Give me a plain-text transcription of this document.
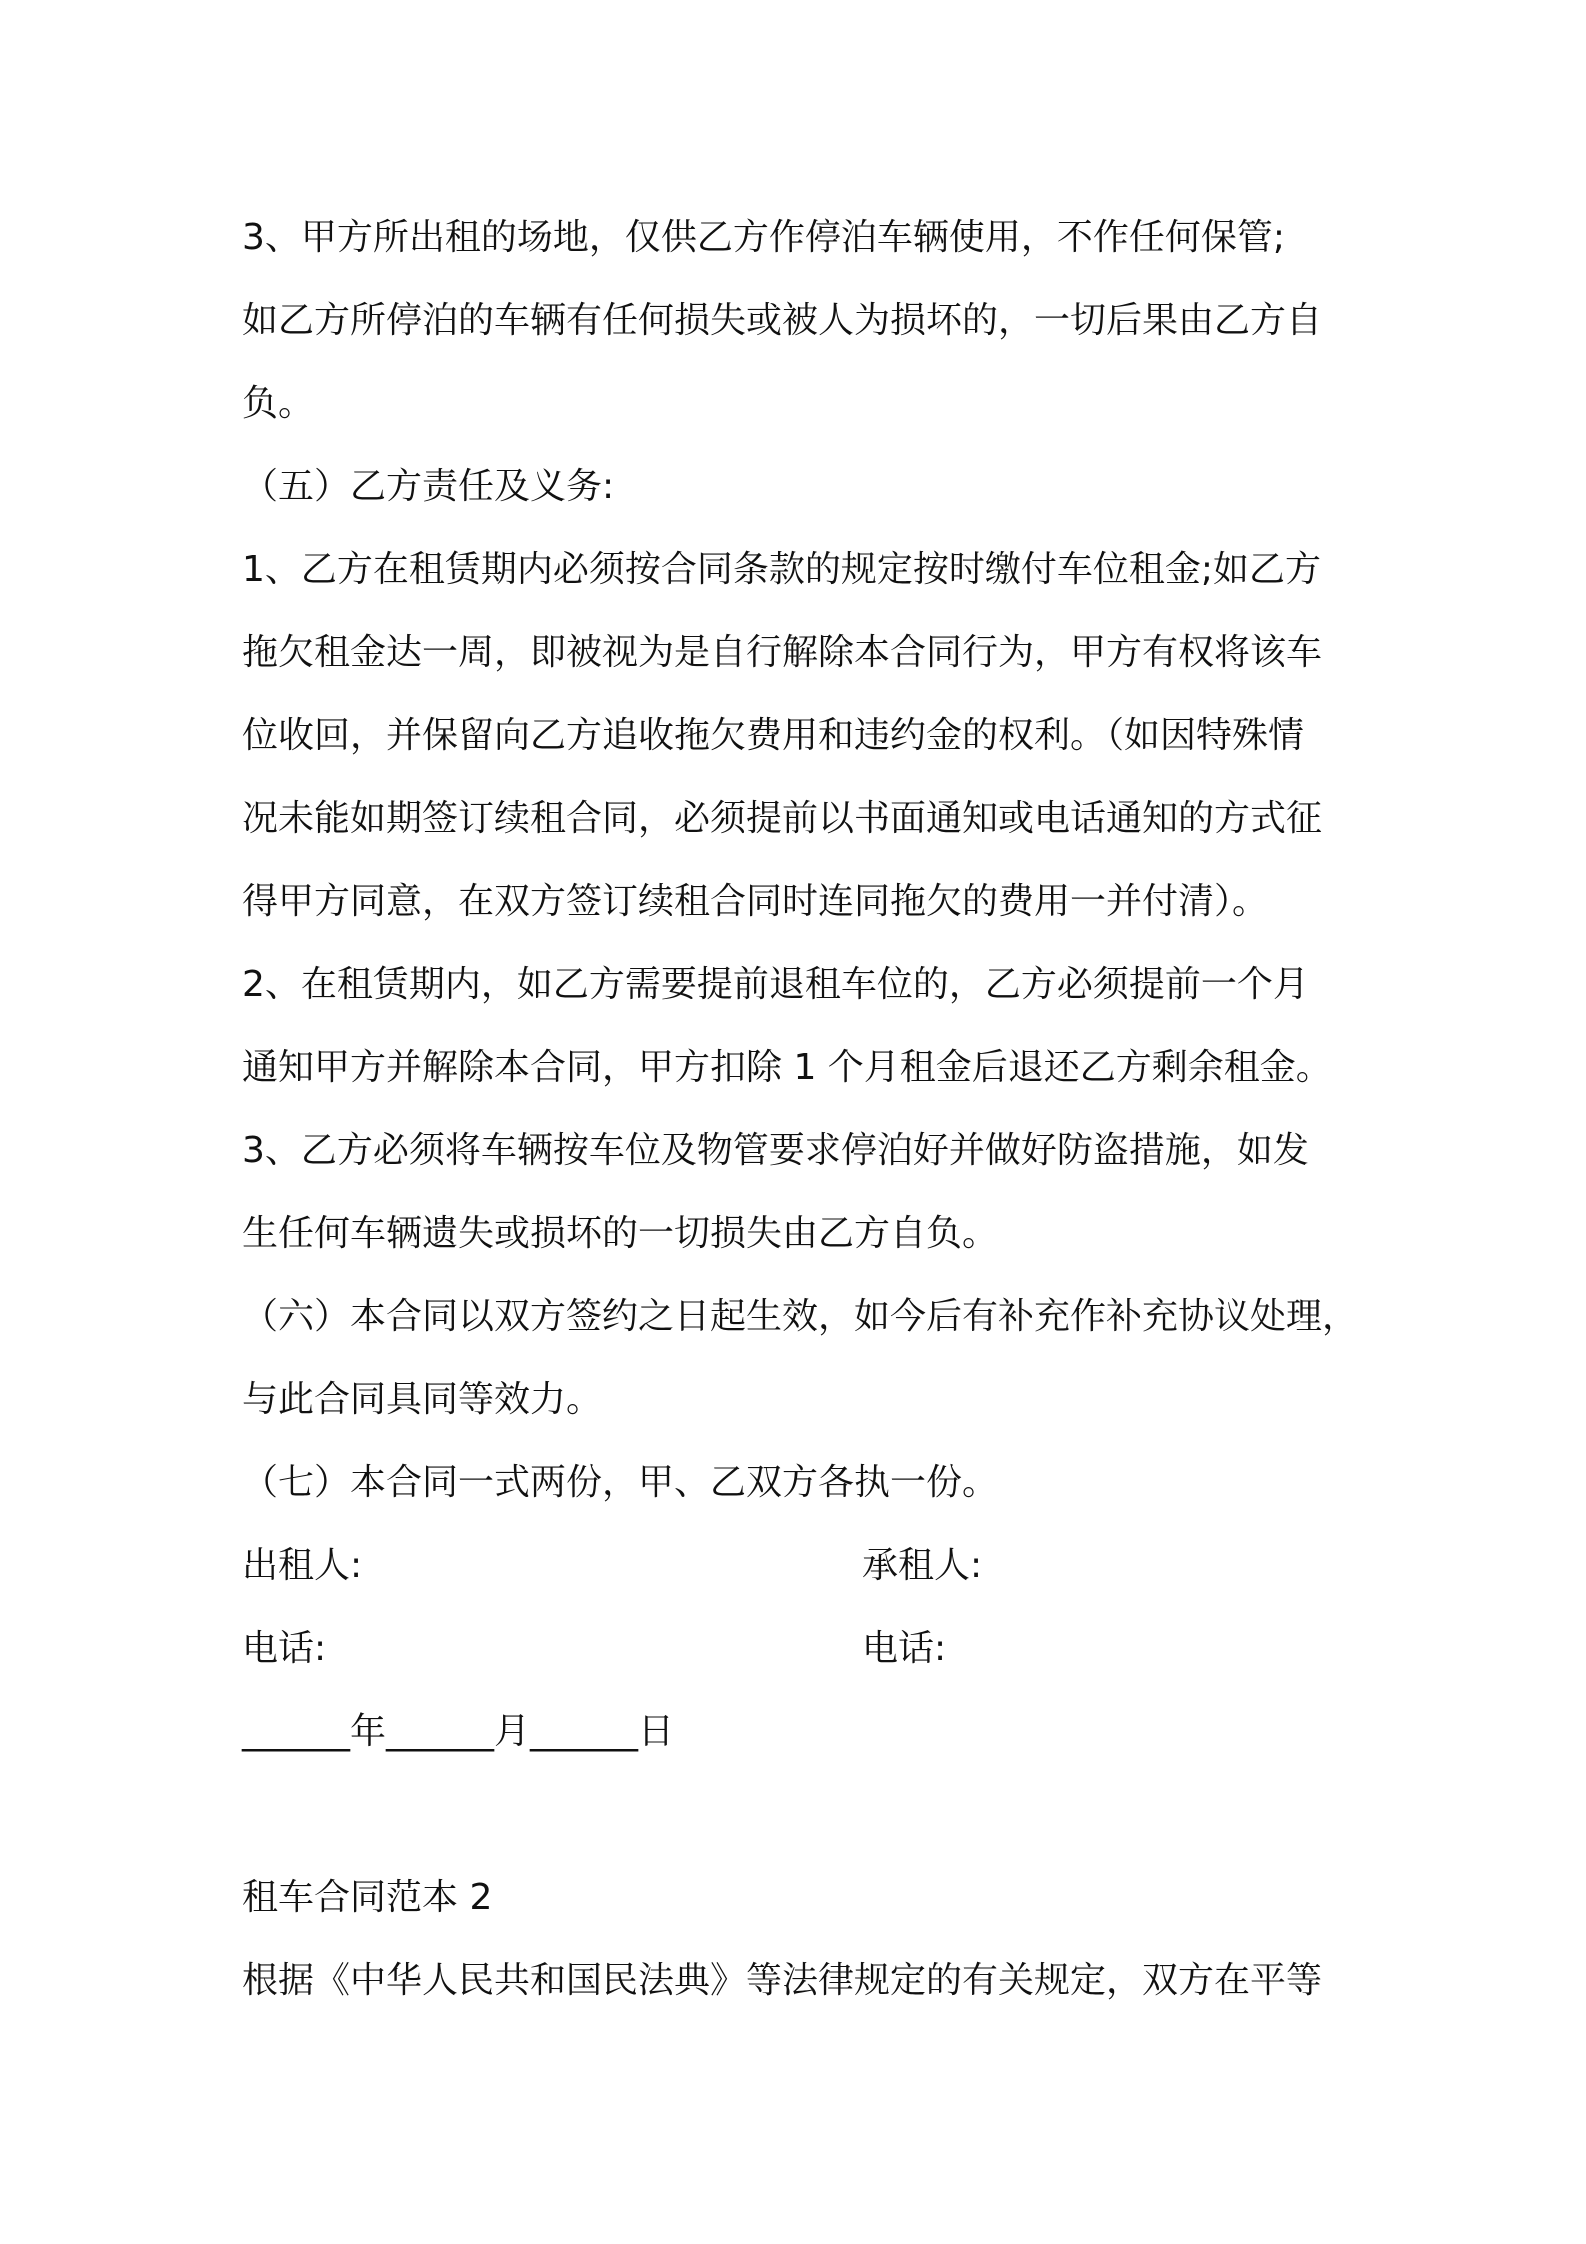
3、甲方所出租的场地，仅供乙方作停泊车辆使用，不作任何保管;
如乙方所停泊的车辆有任何损失或被人为损坏的，一切后果由乙方自
负。
（五）乙方责任及义务:
1、乙方在租赁期内必须按合同条款的规定按时缴付车位租金;如乙方
拖欠租金达一周，即被视为是自行解除本合同行为，甲方有权将该车
位收回，并保留向乙方追收拖欠费用和违约金的权利。（如因特殊情
况未能如期签订续租合同，必须提前以书面通知或电话通知的方式征
得甲方同意，在双方签订续租合同时连同拖欠的费用一并付清）。
2、在租赁期内，如乙方需要提前退租车位的，乙方必须提前一个月
通知甲方并解除本合同，甲方扣除 1 个月租金后退还乙方剩余租金。
3、乙方必须将车辆按车位及物管要求停泊好并做好防盗措施，如发
生任何车辆遗失或损坏的一切损失由乙方自负。
（六）本合同以双方签约之日起生效，如今后有补充作补充协议处理，
与此合同具同等效力。
（七）本合同一式两份，甲、乙双方各执一份。
出租人:	承租人:
电话:	电话:
______年______月______日
租车合同范本 2
根据《中华人民共和国民法典》等法律规定的有关规定，双方在平等
